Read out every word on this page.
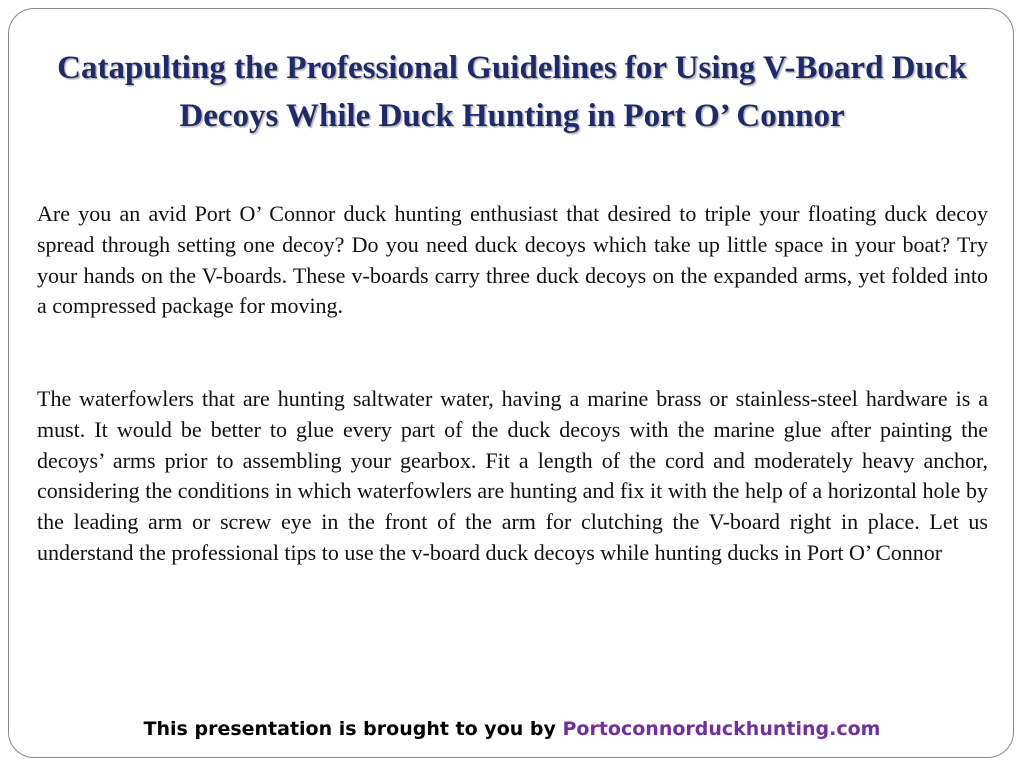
Catapulting the Professional Guidelines for Using V-Board Duck Decoys While Duck Hunting in Port O’ Connor

Are you an avid Port O’ Connor duck hunting enthusiast that desired to triple your floating duck decoy spread through setting one decoy? Do you need duck decoys which take up little space in your boat? Try your hands on the V-boards. These v-boards carry three duck decoys on the expanded arms, yet folded into a compressed package for moving.

The waterfowlers that are hunting saltwater water, having a marine brass or stainless-steel hardware is a must. It would be better to glue every part of the duck decoys with the marine glue after painting the decoys’ arms prior to assembling your gearbox. Fit a length of the cord and moderately heavy anchor, considering the conditions in which waterfowlers are hunting and fix it with the help of a horizontal hole by the leading arm or screw eye in the front of the arm for clutching the V-board right in place. Let us understand the professional tips to use the v-board duck decoys while hunting ducks in Port O’ Connor

This presentation is brought to you by Portoconnorduckhunting.com
